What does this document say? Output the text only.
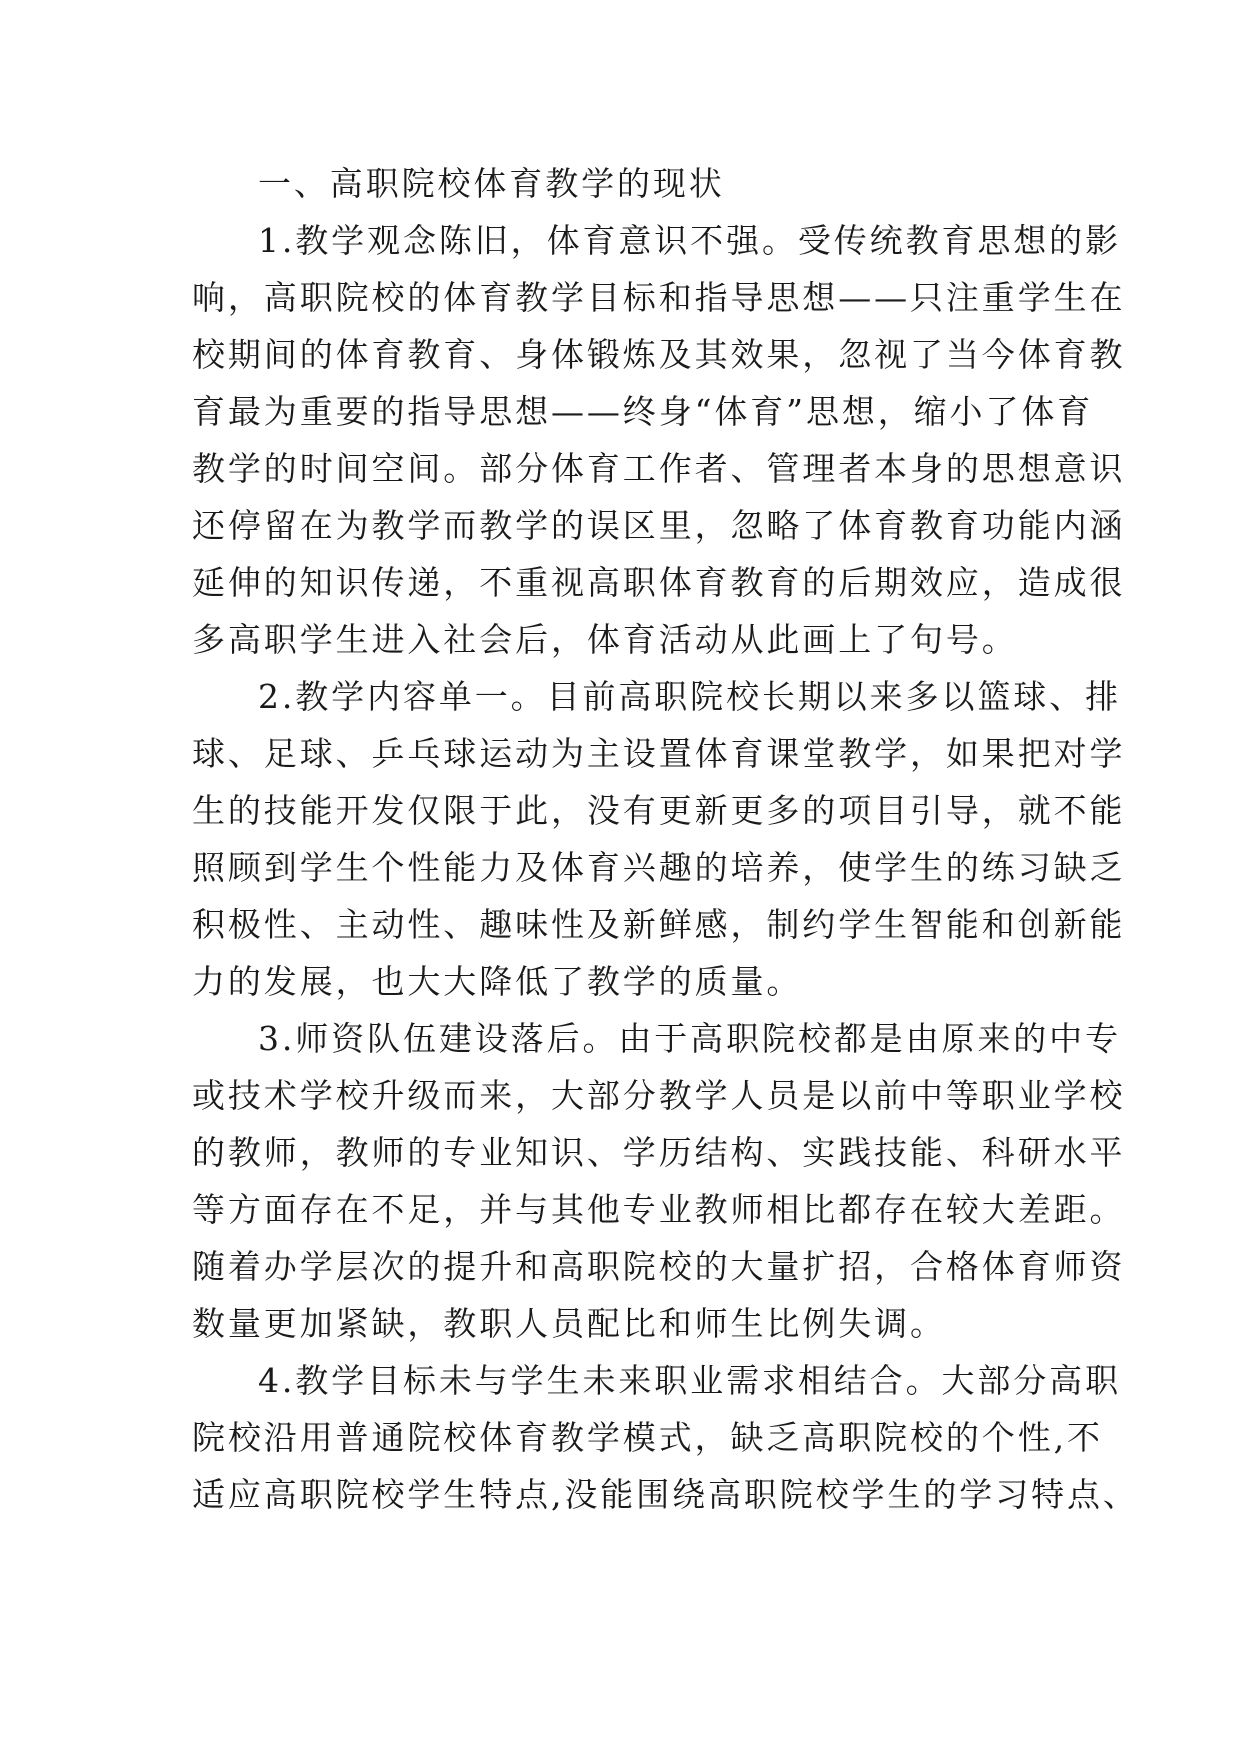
一、高职院校体育教学的现状
1.教学观念陈旧，体育意识不强。受传统教育思想的影
响，高职院校的体育教学目标和指导思想——只注重学生在
校期间的体育教育、身体锻炼及其效果，忽视了当今体育教
育最为重要的指导思想——终身“体育”思想，缩小了体育
教学的时间空间。部分体育工作者、管理者本身的思想意识
还停留在为教学而教学的误区里，忽略了体育教育功能内涵
延伸的知识传递，不重视高职体育教育的后期效应，造成很
多高职学生进入社会后，体育活动从此画上了句号。
2.教学内容单一。目前高职院校长期以来多以篮球、排
球、足球、乒乓球运动为主设置体育课堂教学，如果把对学
生的技能开发仅限于此，没有更新更多的项目引导，就不能
照顾到学生个性能力及体育兴趣的培养，使学生的练习缺乏
积极性、主动性、趣味性及新鲜感，制约学生智能和创新能
力的发展，也大大降低了教学的质量。
3.师资队伍建设落后。由于高职院校都是由原来的中专
或技术学校升级而来，大部分教学人员是以前中等职业学校
的教师，教师的专业知识、学历结构、实践技能、科研水平
等方面存在不足，并与其他专业教师相比都存在较大差距。
随着办学层次的提升和高职院校的大量扩招，合格体育师资
数量更加紧缺，教职人员配比和师生比例失调。
4.教学目标未与学生未来职业需求相结合。大部分高职
院校沿用普通院校体育教学模式，缺乏高职院校的个性,不
适应高职院校学生特点,没能围绕高职院校学生的学习特点、
